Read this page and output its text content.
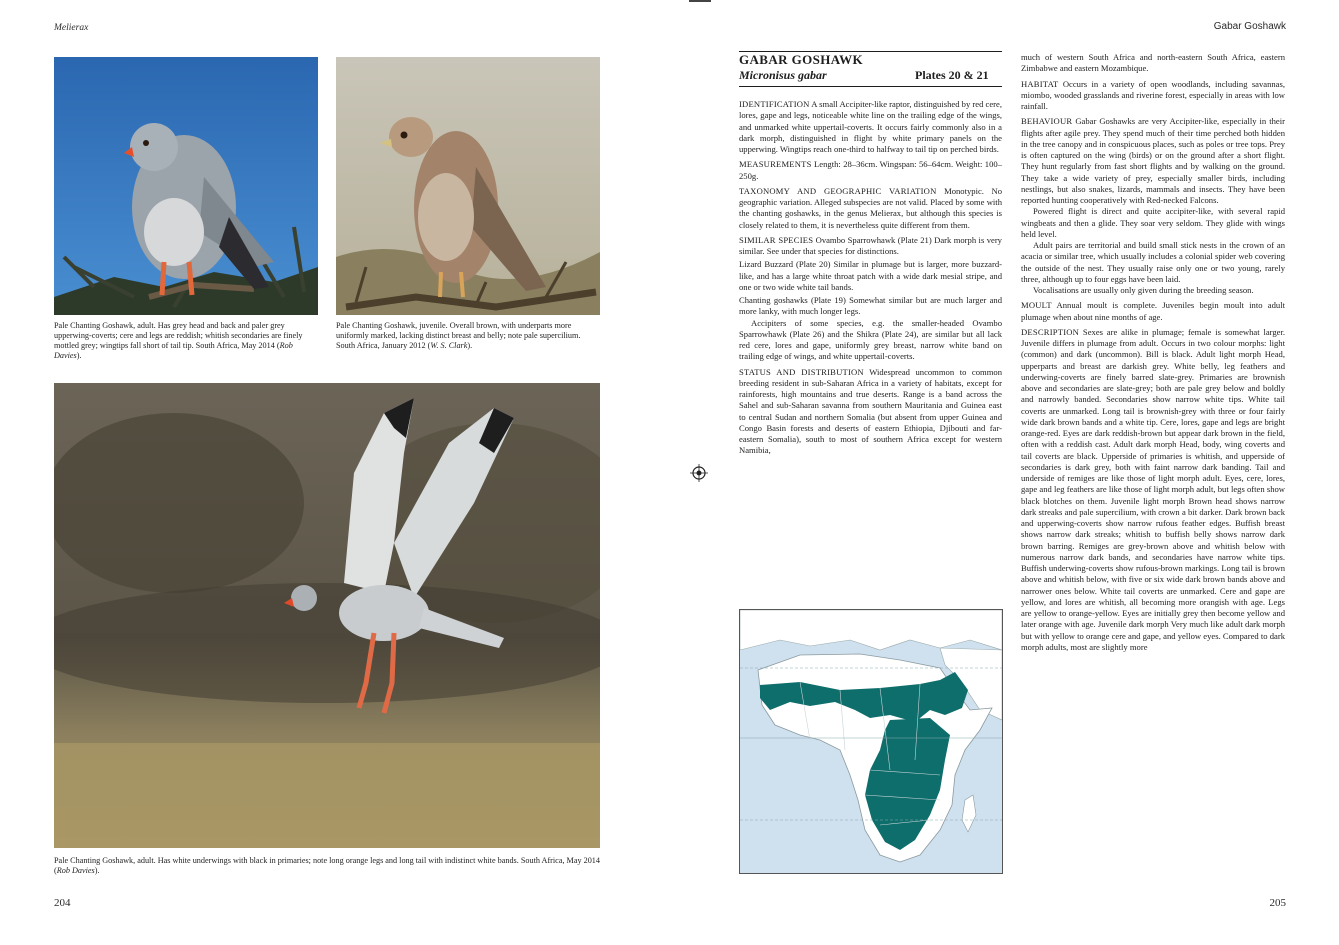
Melierax
Pale Chanting Goshawk, adult. Has grey head and back and paler grey upperwing-coverts; cere and legs are reddish; whitish secondaries are finely mottled grey; wingtips fall short of tail tip. South Africa, May 2014 (Rob Davies).
Pale Chanting Goshawk, juvenile. Overall brown, with underparts more uniformly marked, lacking distinct breast and belly; note pale supercilium. South Africa, January 2012 (W. S. Clark).
Pale Chanting Goshawk, adult. Has white underwings with black in primaries; note long orange legs and long tail with indistinct white bands. South Africa, May 2014 (Rob Davies).
204
Gabar Goshawk
GABAR GOSHAWK
Micronisus gabar	Plates 20 & 21

IDENTIFICATION A small Accipiter-like raptor, distinguished by red cere, lores, gape and legs, noticeable white line on the trailing edge of the wings, and unmarked white uppertail-coverts. It occurs fairly commonly also in a dark morph, distinguished in flight by white primary panels on the upperwing. Wingtips reach one-third to halfway to tail tip on perched birds.

MEASUREMENTS Length: 28–36cm. Wingspan: 56–64cm. Weight: 100–250g.

TAXONOMY AND GEOGRAPHIC VARIATION Monotypic. No geographic variation. Alleged subspecies are not valid. Placed by some with the chanting goshawks, in the genus Melierax, but although this species is closely related to them, it is nevertheless quite different from them.

SIMILAR SPECIES Ovambo Sparrowhawk (Plate 21) Dark morph is very similar. See under that species for distinctions.

Lizard Buzzard (Plate 20) Similar in plumage but is larger, more buzzard-like, and has a large white throat patch with a wide dark mesial stripe, and one or two wide white tail bands.

Chanting goshawks (Plate 19) Somewhat similar but are much larger and more lanky, with much longer legs.

Accipiters of some species, e.g. the smaller-headed Ovambo Sparrowhawk (Plate 26) and the Shikra (Plate 24), are similar but all lack red cere, lores and gape, uniformly grey breast, narrow white band on trailing edge of wings, and white uppertail-coverts.

STATUS AND DISTRIBUTION Widespread uncommon to common breeding resident in sub-Saharan Africa in a variety of habitats, except for rainforests, high mountains and true deserts. Range is a band across the Sahel and sub-Saharan savanna from southern Mauritania and Guinea east to central Sudan and northern Somalia (but absent from upper Guinea and Congo Basin forests and deserts of eastern Ethiopia, Djibouti and far-eastern Somalia), south to most of southern Africa except for western Namibia,

much of western South Africa and north-eastern South Africa, eastern Zimbabwe and eastern Mozambique.

HABITAT Occurs in a variety of open woodlands, including savannas, miombo, wooded grasslands and riverine forest, especially in areas with low rainfall.

BEHAVIOUR Gabar Goshawks are very Accipiter-like, especially in their flights after agile prey. They spend much of their time perched both hidden in the tree canopy and in conspicuous places, such as poles or tree tops. Prey is often captured on the wing (birds) or on the ground after a short flight. They hunt regularly from fast short flights and by walking on the ground. They take a wide variety of prey, especially smaller birds, including nestlings, but also snakes, lizards, mammals and insects. They have been reported hunting cooperatively with Red-necked Falcons.

Powered flight is direct and quite accipiter-like, with several rapid wingbeats and then a glide. They soar very seldom. They glide with wings held level.

Adult pairs are territorial and build small stick nests in the crown of an acacia or similar tree, which usually includes a colonial spider web covering the outside of the nest. They usually raise only one or two young, rarely three, although up to four eggs have been laid.

Vocalisations are usually only given during the breeding season.

MOULT Annual moult is complete. Juveniles begin moult into adult plumage when about nine months of age.

DESCRIPTION Sexes are alike in plumage; female is somewhat larger. Juvenile differs in plumage from adult. Occurs in two colour morphs: light (common) and dark (uncommon). Bill is black. Adult light morph Head, upperparts and breast are darkish grey. White belly, leg feathers and underwing-coverts are finely barred slate-grey. Primaries are brownish above and secondaries are slate-grey; both are pale grey below and boldly and narrowly banded. Secondaries show narrow white tips. White tail coverts are unmarked. Long tail is brownish-grey with three or four fairly wide dark brown bands and a white tip. Cere, lores, gape and legs are bright orange-red. Eyes are dark reddish-brown but appear dark brown in the field, often with a reddish cast. Adult dark morph Head, body, wing coverts and tail coverts are black. Upperside of primaries is whitish, and upperside of secondaries is dark grey, both with faint narrow dark banding. Tail and underside of remiges are like those of light morph adult. Eyes, cere, lores, gape and leg feathers are like those of light morph adult, but legs often show black blotches on them. Juvenile light morph Brown head shows narrow dark streaks and pale supercilium, with crown a bit darker. Dark brown back and upperwing-coverts show narrow rufous feather edges. Buffish breast shows narrow dark streaks; whitish to buffish belly shows narrow dark brown barring. Remiges are grey-brown above and whitish below with numerous narrow dark bands, and secondaries have narrow white tips. Buffish underwing-coverts show rufous-brown markings. Long tail is brown above and whitish below, with five or six wide dark brown bands above and narrower ones below. White tail coverts are unmarked. Cere and gape are yellow, and lores are whitish, all becoming more orangish with age. Legs are yellow to orange-yellow. Eyes are initially grey then become yellow and later orange with age. Juvenile dark morph Very much like adult dark morph but with yellow to orange cere and gape, and yellow eyes. Compared to dark morph adults, most are slightly more

205
